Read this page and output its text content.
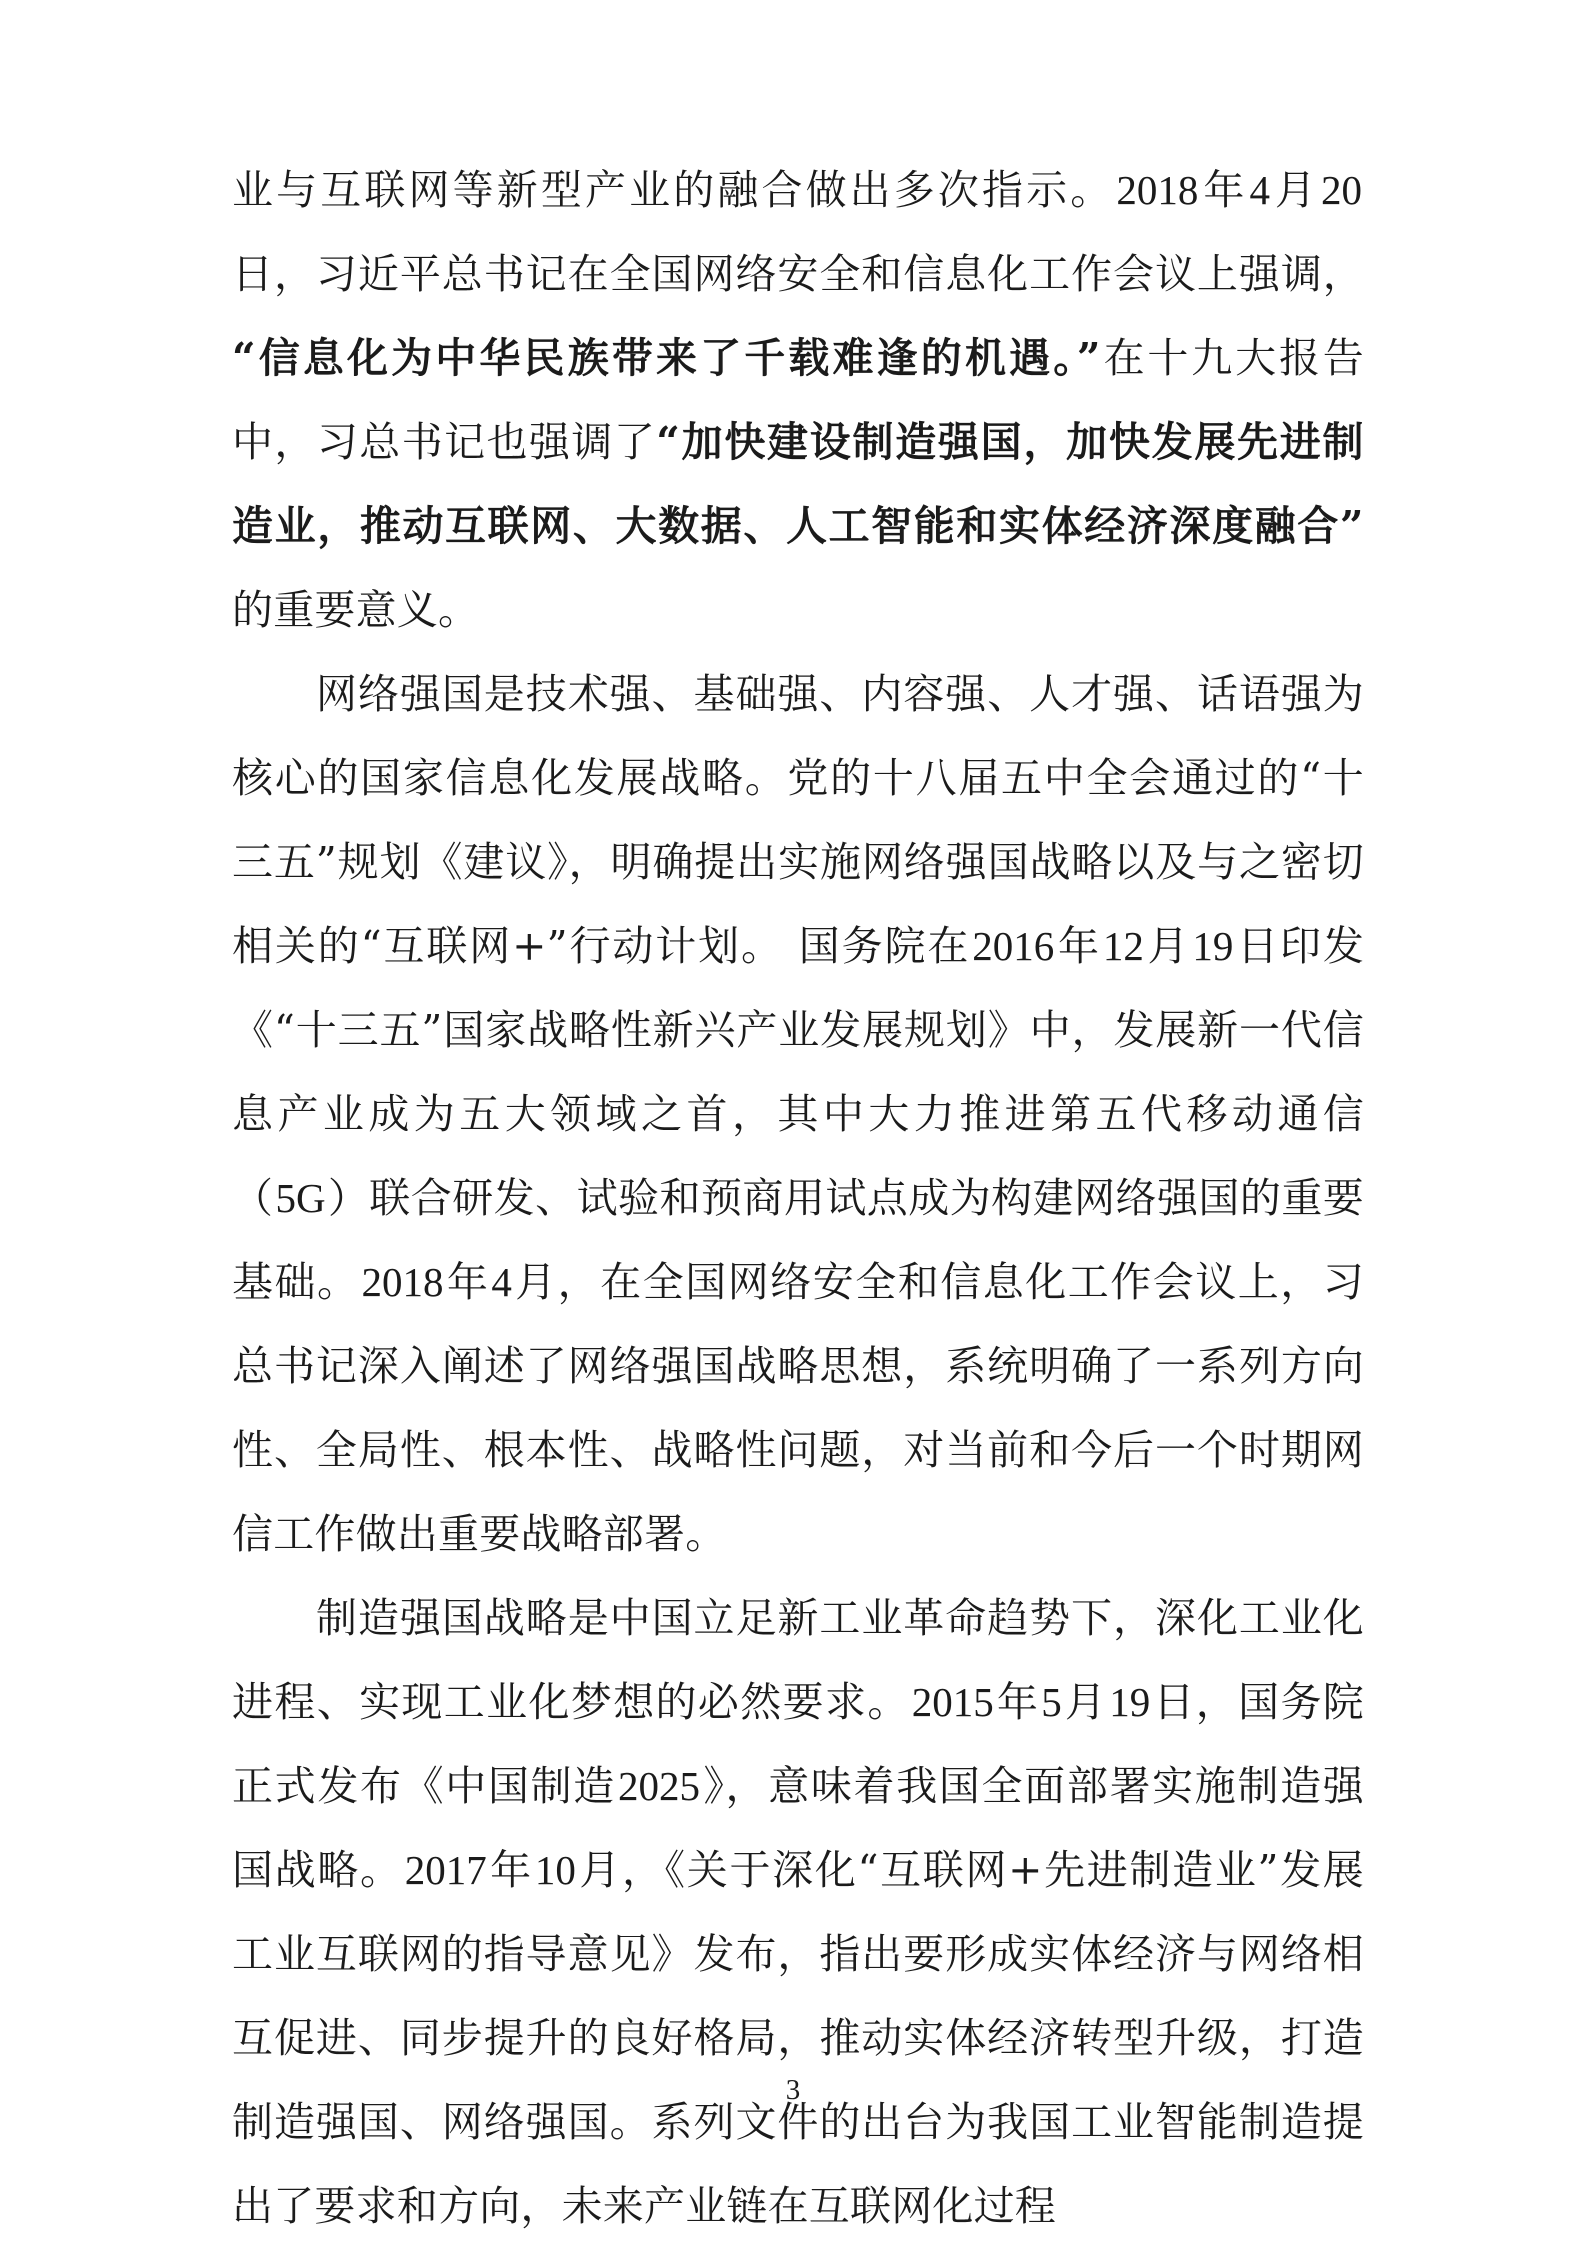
业与互联网等新型产业的融合做出多次指示。2018年4月20日，习近平总书记在全国网络安全和信息化工作会议上强调，“信息化为中华民族带来了千载难逢的机遇。”在十九大报告中，习总书记也强调了“加快建设制造强国，加快发展先进制造业，推动互联网、大数据、人工智能和实体经济深度融合”的重要意义。

网络强国是技术强、基础强、内容强、人才强、话语强为核心的国家信息化发展战略。党的十八届五中全会通过的“十三五”规划《建议》，明确提出实施网络强国战略以及与之密切相关的“互联网+”行动计划。 国务院在2016年12月19日印发《“十三五”国家战略性新兴产业发展规划》中，发展新一代信息产业成为五大领域之首，其中大力推进第五代移动通信（5G）联合研发、试验和预商用试点成为构建网络强国的重要基础。2018年4月，在全国网络安全和信息化工作会议上，习总书记深入阐述了网络强国战略思想，系统明确了一系列方向性、全局性、根本性、战略性问题，对当前和今后一个时期网信工作做出重要战略部署。

制造强国战略是中国立足新工业革命趋势下，深化工业化进程、实现工业化梦想的必然要求。2015年5月19日，国务院正式发布《中国制造2025》，意味着我国全面部署实施制造强国战略。2017年10月，《关于深化“互联网+先进制造业”发展工业互联网的指导意见》发布，指出要形成实体经济与网络相互促进、同步提升的良好格局，推动实体经济转型升级，打造制造强国、网络强国。系列文件的出台为我国工业智能制造提出了要求和方向，未来产业链在互联网化过程

3
